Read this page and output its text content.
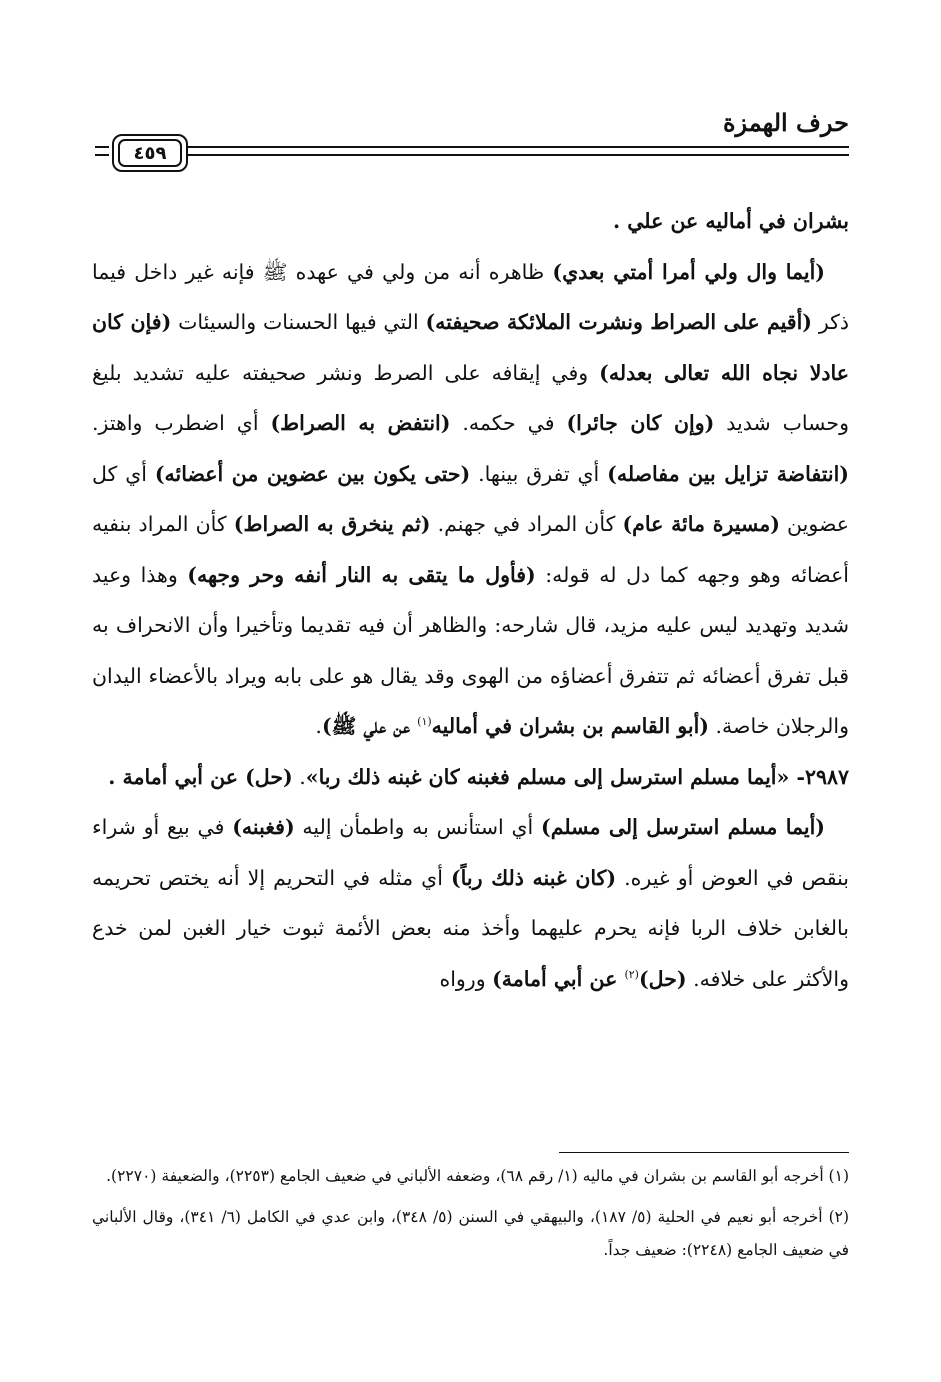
حرف الهمزة
٤٥٩

بشران في أماليه عن علي .

(أيما وال ولي أمرا أمتي بعدي) ظاهره أنه من ولي في عهده ﷺ فإنه غير داخل فيما ذكر (أقيم على الصراط ونشرت الملائكة صحيفته) التي فيها الحسنات والسيئات (فإن كان عادلا نجاه الله تعالى بعدله) وفي إيقافه على الصرط ونشر صحيفته عليه تشديد بليغ وحساب شديد (وإن كان جائرا) في حكمه. (انتفض به الصراط) أي اضطرب واهتز. (انتفاضة تزايل بين مفاصله) أي تفرق بينها. (حتى يكون بين عضوين من أعضائه) أي كل عضوين (مسيرة مائة عام) كأن المراد في جهنم. (ثم ينخرق به الصراط) كأن المراد بنفيه أعضائه وهو وجهه كما دل له قوله: (فأول ما يتقى به النار أنفه وحر وجهه) وهذا وعيد شديد وتهديد ليس عليه مزيد، قال شارحه: والظاهر أن فيه تقديما وتأخيرا وأن الانحراف به قبل تفرق أعضائه ثم تتفرق أعضاؤه من الهوى وقد يقال هو على بابه ويراد بالأعضاء اليدان والرجلان خاصة. (أبو القاسم بن بشران في أماليه$^{(١)}$ عن علي ﷺ).

٢٩٨٧- «أيما مسلم استرسل إلى مسلم فغبنه كان غبنه ذلك ربا». (حل) عن أبي أمامة .

(أيما مسلم استرسل إلى مسلم) أي استأنس به واطمأن إليه (فغبنه) في بيع أو شراء بنقص في العوض أو غيره. (كان غبنه ذلك رباً) أي مثله في التحريم إلا أنه يختص تحريمه بالغابن خلاف الربا فإنه يحرم عليهما وأخذ منه بعض الأئمة ثبوت خيار الغبن لمن خدع والأكثر على خلافه. (حل)$^{(٢)}$ عن أبي أمامة) ورواه

(١) أخرجه أبو القاسم بن بشران في ماليه (١/ رقم ٦٨)، وضعفه الألباني في ضعيف الجامع (٢٢٥٣)، والضعيفة (٢٢٧٠).

(٢) أخرجه أبو نعيم في الحلية (٥/ ١٨٧)، والبيهقي في السنن (٥/ ٣٤٨)، وابن عدي في الكامل (٦/ ٣٤١)، وقال الألباني في ضعيف الجامع (٢٢٤٨): ضعيف جداً.
